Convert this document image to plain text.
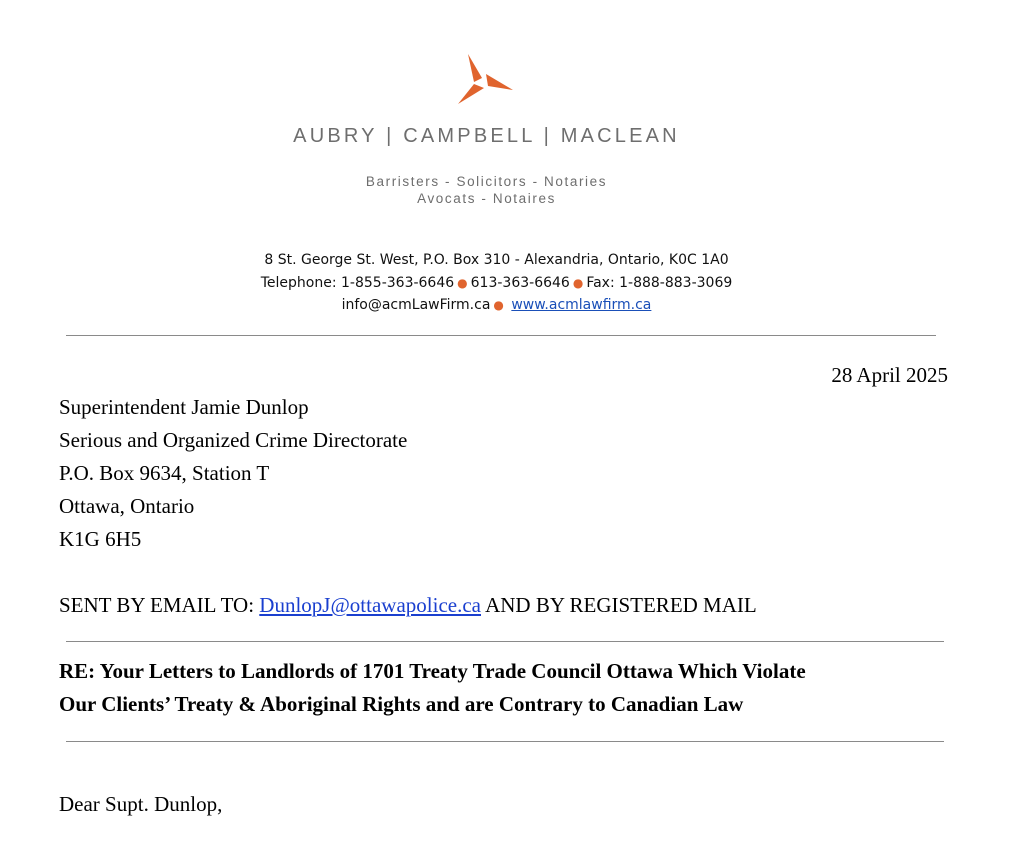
AUBRY | CAMPBELL | MACLEAN
Barristers - Solicitors - Notaries
Avocats - Notaires
8 St. George St. West, P.O. Box 310 - Alexandria, Ontario, K0C 1A0
Telephone: 1-855-363-6646 ● 613-363-6646 ● Fax: 1-888-883-3069
info@acmLawFirm.ca ● www.acmlawfirm.ca
28 April 2025
Superintendent Jamie Dunlop
Serious and Organized Crime Directorate
P.O. Box 9634, Station T
Ottawa, Ontario
K1G 6H5
SENT BY EMAIL TO: DunlopJ@ottawapolice.ca AND BY REGISTERED MAIL
RE: Your Letters to Landlords of 1701 Treaty Trade Council Ottawa Which Violate
Our Clients’ Treaty & Aboriginal Rights and are Contrary to Canadian Law
Dear Supt. Dunlop,
